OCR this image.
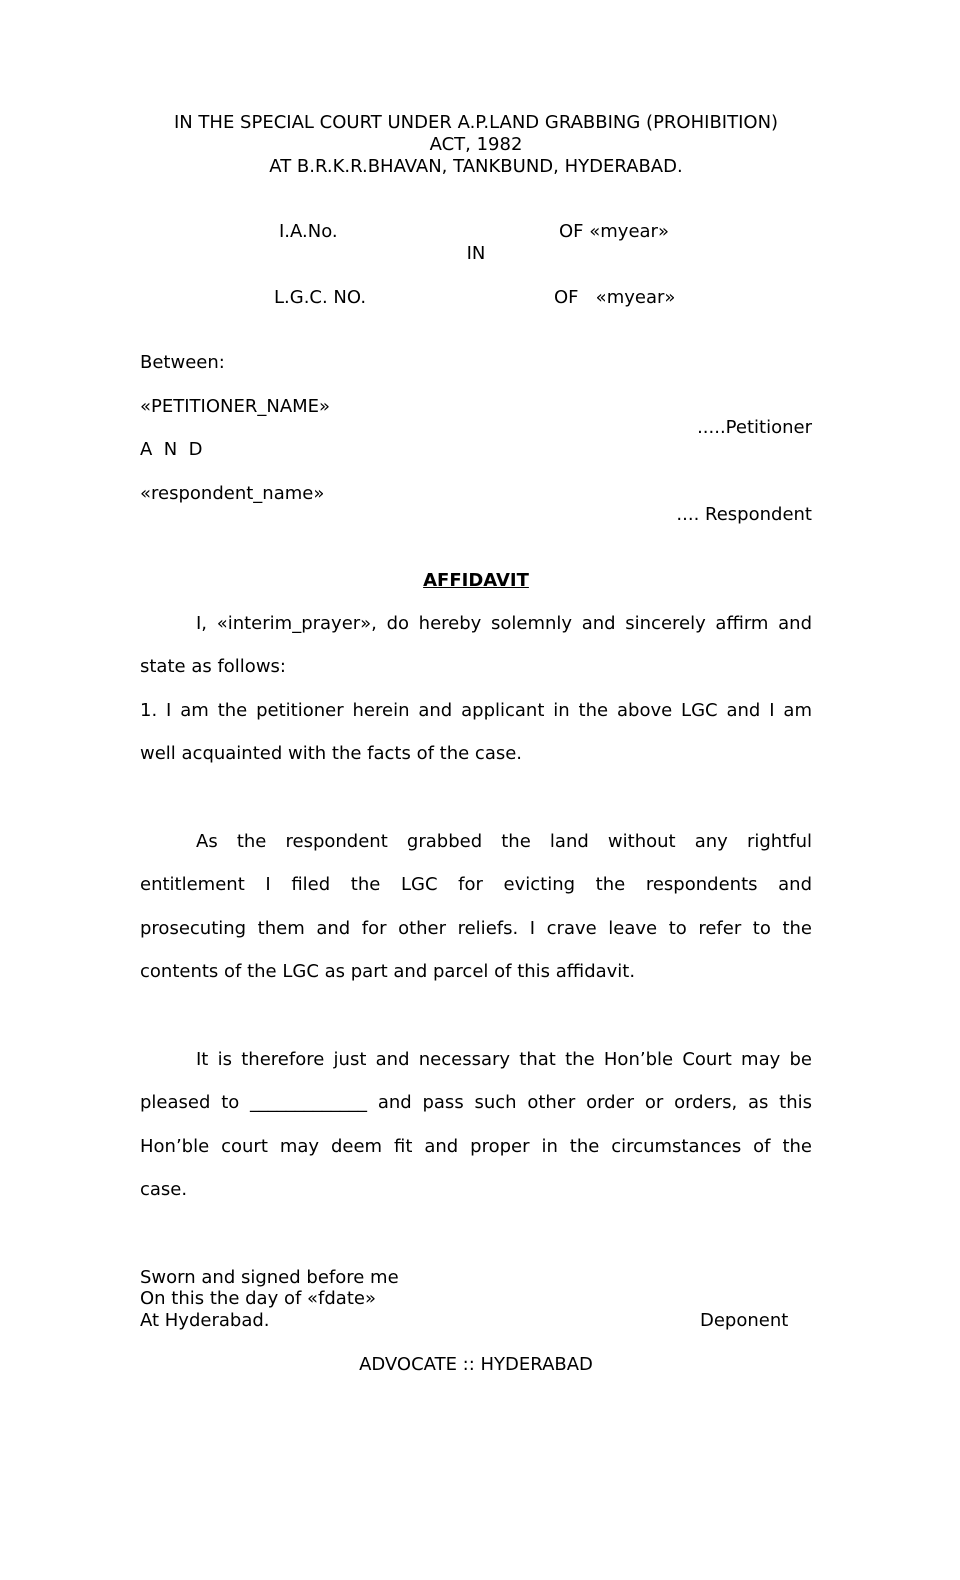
IN THE SPECIAL COURT UNDER A.P.LAND GRABBING (PROHIBITION)
ACT, 1982
AT B.R.K.R.BHAVAN, TANKBUND, HYDERABAD.
I.A.No.	OF «myear»
IN
L.G.C. NO.	OF   «myear»
Between:
«PETITIONER_NAME»
.....Petitioner
A  N  D
«respondent_name»
.... Respondent
AFFIDAVIT
I, «interim_prayer», do hereby solemnly and sincerely affirm and
state as follows:
1. I am the petitioner herein and applicant in the above LGC and I am
well acquainted with the facts of the case.
As the respondent grabbed the land without any rightful
entitlement I filed the LGC for evicting the respondents and
prosecuting them and for other reliefs. I crave leave to refer to the
contents of the LGC as part and parcel of this affidavit.
It is therefore just and necessary that the Hon’ble Court may be
pleased to _____________ and pass such other order or orders, as this
Hon’ble court may deem fit and proper in the circumstances of the
case.
Sworn and signed before me
On this the day of «fdate»
At Hyderabad.	Deponent
ADVOCATE :: HYDERABAD
